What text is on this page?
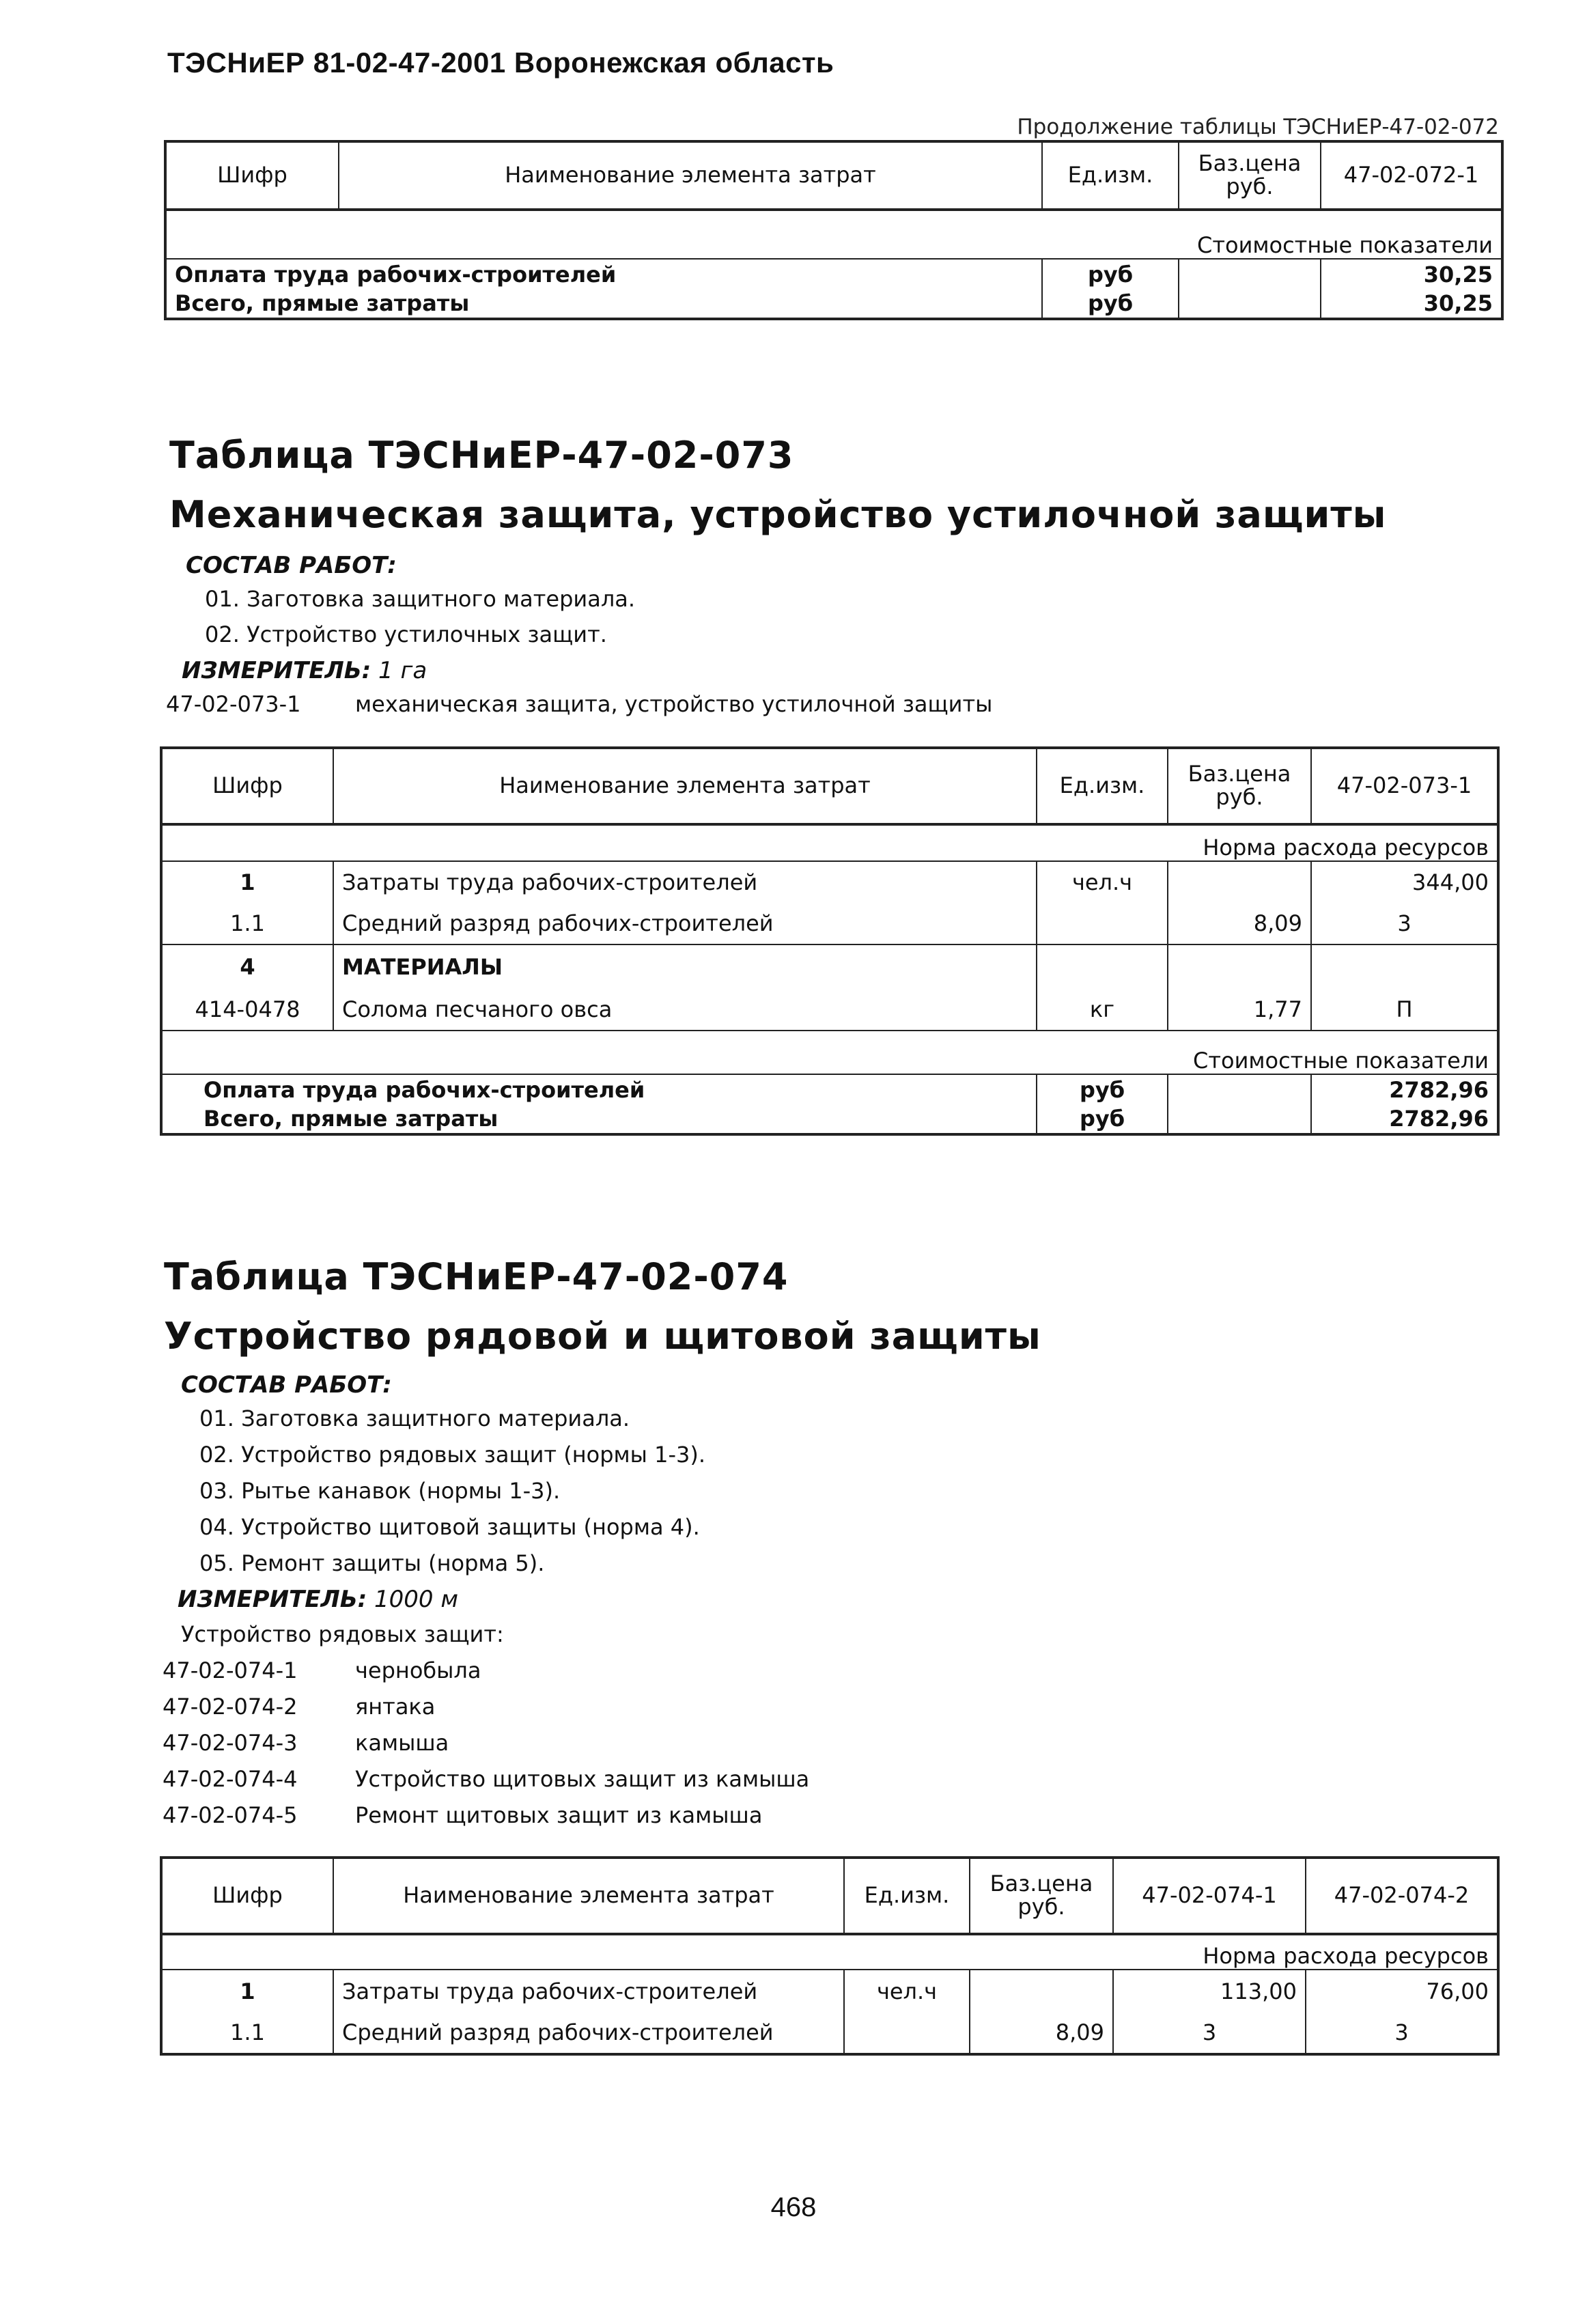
ТЭСНиЕР 81-02-47-2001 Воронежская область
Продолжение таблицы ТЭСНиЕР-47-02-072
Шифр	Наименование элемента затрат	Ед.изм.	Баз.цена руб.	47-02-072-1
Стоимостные показатели				
Оплата труда рабочих-строителей		руб		30,25
Всего, прямые затраты		руб		30,25
Таблица ТЭСНиЕР-47-02-073
Механическая защита, устройство устилочной защиты
СОСТАВ РАБОТ:
01. Заготовка защитного материала.
02. Устройство устилочных защит.
ИЗМЕРИТЕЛЬ: 1 га
47-02-073-1 механическая защита, устройство устилочной защиты
Шифр	Наименование элемента затрат	Ед.изм.	Баз.цена руб.	47-02-073-1
Норма расхода ресурсов				
1	Затраты труда рабочих-строителей	чел.ч		344,00
1.1	Средний разряд рабочих-строителей		8,09	3
4	МАТЕРИАЛЫ			
414-0478	Солома песчаного овса	кг	1,77	П
Стоимостные показатели				
Оплата труда рабочих-строителей		руб		2782,96
Всего, прямые затраты		руб		2782,96
Таблица ТЭСНиЕР-47-02-074
Устройство рядовой и щитовой защиты
СОСТАВ РАБОТ:
01. Заготовка защитного материала.
02. Устройство рядовых защит (нормы 1-3).
03. Рытье канавок (нормы 1-3).
04. Устройство щитовой защиты (норма 4).
05. Ремонт защиты (норма 5).
ИЗМЕРИТЕЛЬ: 1000 м
Устройство рядовых защит:
47-02-074-1	чернобыла
47-02-074-2	янтака
47-02-074-3	камыша
47-02-074-4	Устройство щитовых защит из камыша
47-02-074-5	Ремонт щитовых защит из камыша
Шифр	Наименование элемента затрат	Ед.изм.	Баз.цена руб.	47-02-074-1	47-02-074-2
Норма расхода ресурсов					
1	Затраты труда рабочих-строителей	чел.ч		113,00	76,00
1.1	Средний разряд рабочих-строителей		8,09	3	3
468
